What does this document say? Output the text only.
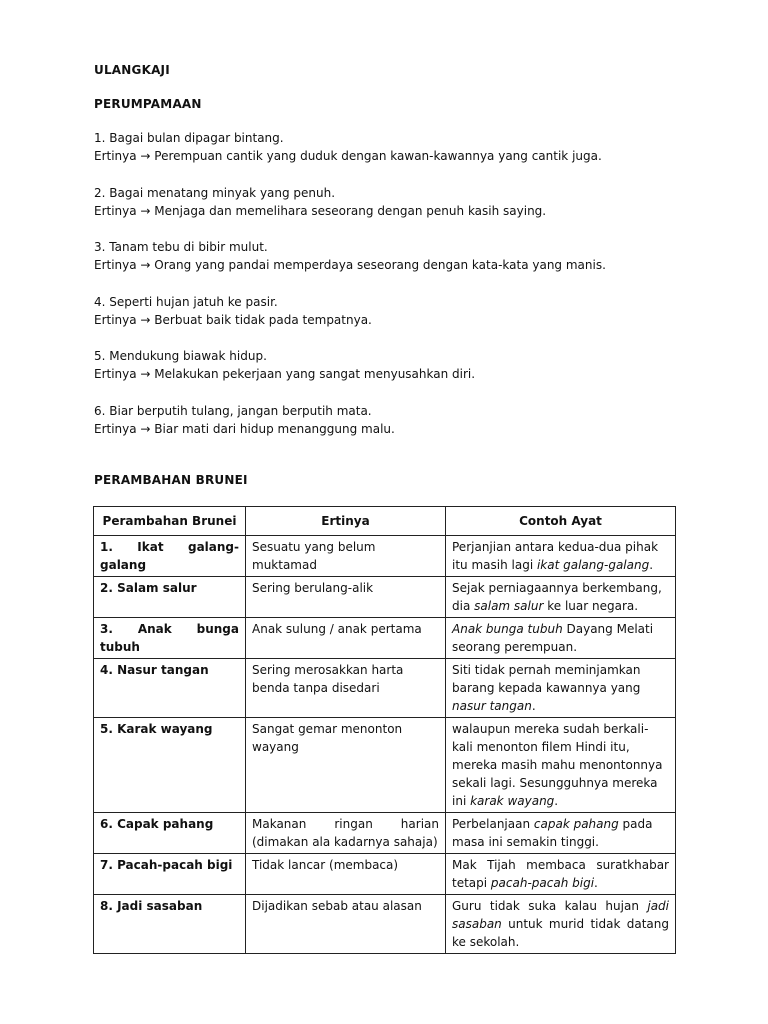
ULANGKAJI
PERUMPAMAAN
1. Bagai bulan dipagar bintang.
Ertinya → Perempuan cantik yang duduk dengan kawan-kawannya yang cantik juga.
2. Bagai menatang minyak yang penuh.
Ertinya → Menjaga dan memelihara seseorang dengan penuh kasih saying.
3. Tanam tebu di bibir mulut.
Ertinya → Orang yang pandai memperdaya seseorang dengan kata-kata yang manis.
4. Seperti hujan jatuh ke pasir.
Ertinya → Berbuat baik tidak pada tempatnya.
5. Mendukung biawak hidup.
Ertinya → Melakukan pekerjaan yang sangat menyusahkan diri.
6. Biar berputih tulang, jangan berputih mata.
Ertinya → Biar mati dari hidup menanggung malu.
PERAMBAHAN BRUNEI
Perambahan Brunei	Ertinya	Contoh Ayat
1. Ikat galang-galang	Sesuatu yang belum muktamad	Perjanjian antara kedua-dua pihak itu masih lagi ikat galang-galang.
2. Salam salur	Sering berulang-alik	Sejak perniagaannya berkembang, dia salam salur ke luar negara.
3. Anak bunga tubuh	Anak sulung / anak pertama	Anak bunga tubuh Dayang Melati seorang perempuan.
4. Nasur tangan	Sering merosakkan harta benda tanpa disedari	Siti tidak pernah meminjamkan barang kepada kawannya yang nasur tangan.
5. Karak wayang	Sangat gemar menonton wayang	walaupun mereka sudah berkali-kali menonton filem Hindi itu, mereka masih mahu menontonnya sekali lagi. Sesungguhnya mereka ini karak wayang.
6. Capak pahang	Makanan ringan harian (dimakan ala kadarnya sahaja)	Perbelanjaan capak pahang pada masa ini semakin tinggi.
7. Pacah-pacah bigi	Tidak lancar (membaca)	Mak Tijah membaca suratkhabar tetapi pacah-pacah bigi.
8. Jadi sasaban	Dijadikan sebab atau alasan	Guru tidak suka kalau hujan jadi sasaban untuk murid tidak datang ke sekolah.
